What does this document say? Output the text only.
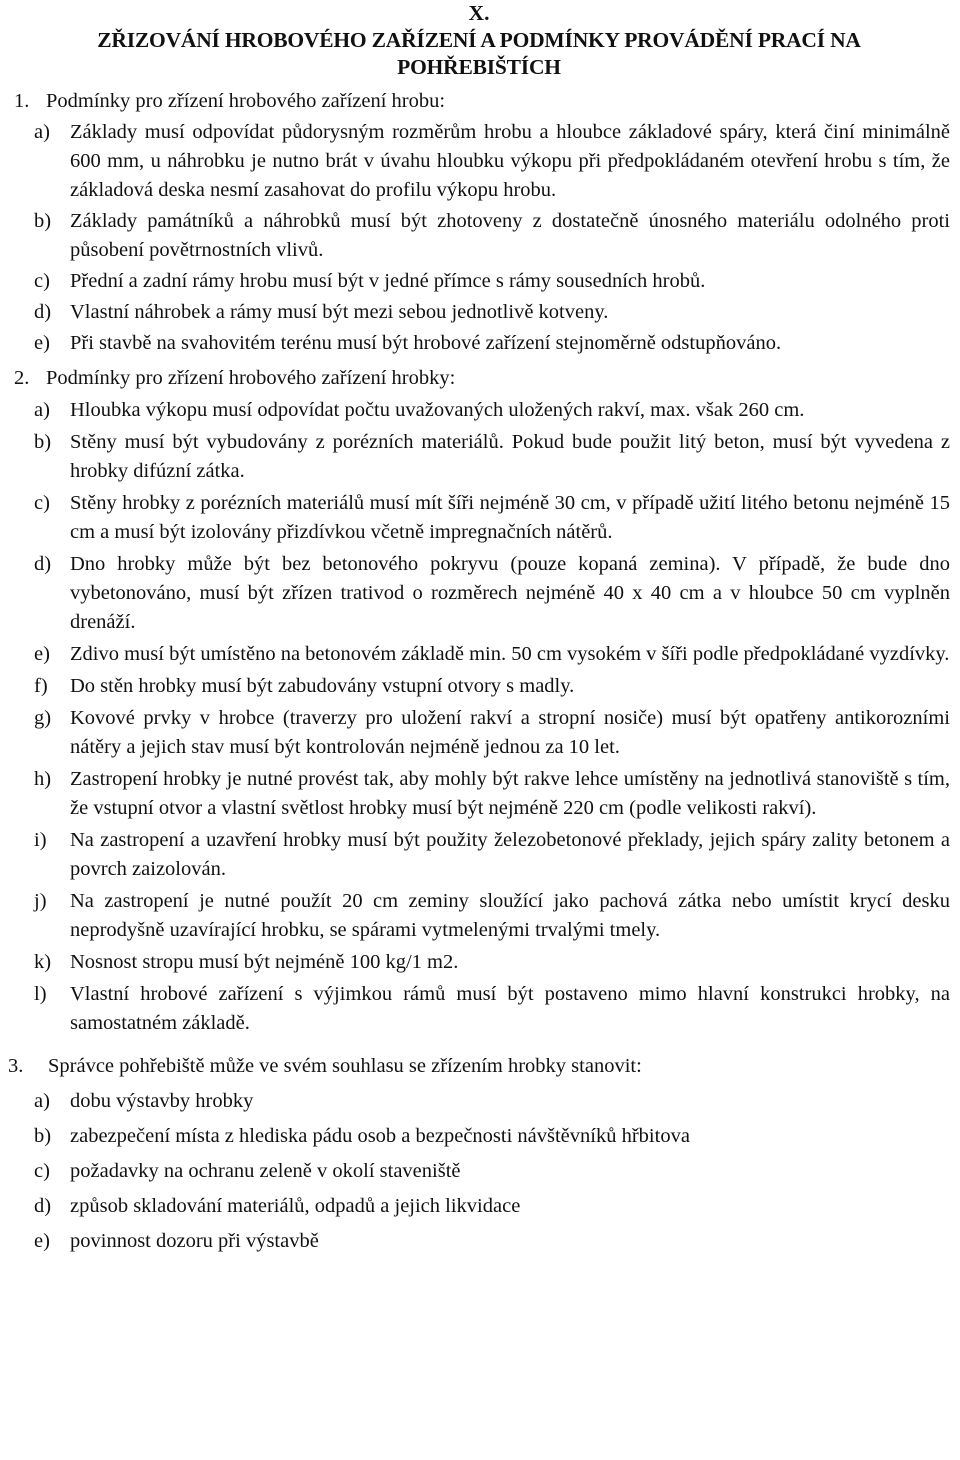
X.
ZŘIZOVÁNÍ HROBOVÉHO ZAŘÍZENÍ A PODMÍNKY PROVÁDĚNÍ PRACÍ NA
POHŘEBIŠTÍCH
1. Podmínky pro zřízení hrobového zařízení hrobu:
a) Základy musí odpovídat půdorysným rozměrům hrobu a hloubce základové spáry, která činí minimálně 600 mm, u náhrobku je nutno brát v úvahu hloubku výkopu při předpokládaném otevření hrobu s tím, že základová deska nesmí zasahovat do profilu výkopu hrobu.
b) Základy památníků a náhrobků musí být zhotoveny z dostatečně únosného materiálu odolného proti působení povětrnostních vlivů.
c) Přední a zadní rámy hrobu musí být v jedné přímce s rámy sousedních hrobů.
d) Vlastní náhrobek a rámy musí být mezi sebou jednotlivě kotveny.
e) Při stavbě na svahovitém terénu musí být hrobové zařízení stejnoměrně odstupňováno.
2. Podmínky pro zřízení hrobového zařízení hrobky:
a) Hloubka výkopu musí odpovídat počtu uvažovaných uložených rakví, max. však 260 cm.
b) Stěny musí být vybudovány z porézních materiálů. Pokud bude použit litý beton, musí být vyvedena z hrobky difúzní zátka.
c) Stěny hrobky z porézních materiálů musí mít šíři nejméně 30 cm, v případě užití litého betonu nejméně 15 cm a musí být izolovány přizdívkou včetně impregnačních nátěrů.
d) Dno hrobky může být bez betonového pokryvu (pouze kopaná zemina). V případě, že bude dno vybetonováno, musí být zřízen trativod o rozměrech nejméně 40 x 40 cm a v hloubce 50 cm vyplněn drenáží.
e) Zdivo musí být umístěno na betonovém základě min. 50 cm vysokém v šíři podle předpokládané vyzdívky.
f)	Do stěn hrobky musí být zabudovány vstupní otvory s madly.
g) Kovové prvky v hrobce (traverzy pro uložení rakví a stropní nosiče) musí být opatřeny antikorozními nátěry a jejich stav musí být kontrolován nejméně jednou za 10 let.
h) Zastropení hrobky je nutné provést tak, aby mohly být rakve lehce umístěny na jednotlivá stanoviště s tím, že vstupní otvor a vlastní světlost hrobky musí být nejméně 220 cm (podle velikosti rakví).
i)	Na zastropení a uzavření hrobky musí být použity železobetonové překlady, jejich spáry zality betonem a povrch zaizolován.
j)	Na zastropení je nutné použít 20 cm zeminy sloužící jako pachová zátka nebo umístit krycí desku neprodyšně uzavírající hrobku, se spárami vytmelenými trvalými tmely.
k) Nosnost stropu musí být nejméně 100 kg/1 m2.
l)	Vlastní hrobové zařízení s výjimkou rámů musí být postaveno mimo hlavní konstrukci hrobky, na samostatném základě.
3.	Správce pohřebiště může ve svém souhlasu se zřízením hrobky stanovit:
a) dobu výstavby hrobky
b) zabezpečení místa z hlediska pádu osob a bezpečnosti návštěvníků hřbitova
c) požadavky na ochranu zeleně v okolí staveniště
d) způsob skladování materiálů, odpadů a jejich likvidace
e) povinnost dozoru při výstavbě
